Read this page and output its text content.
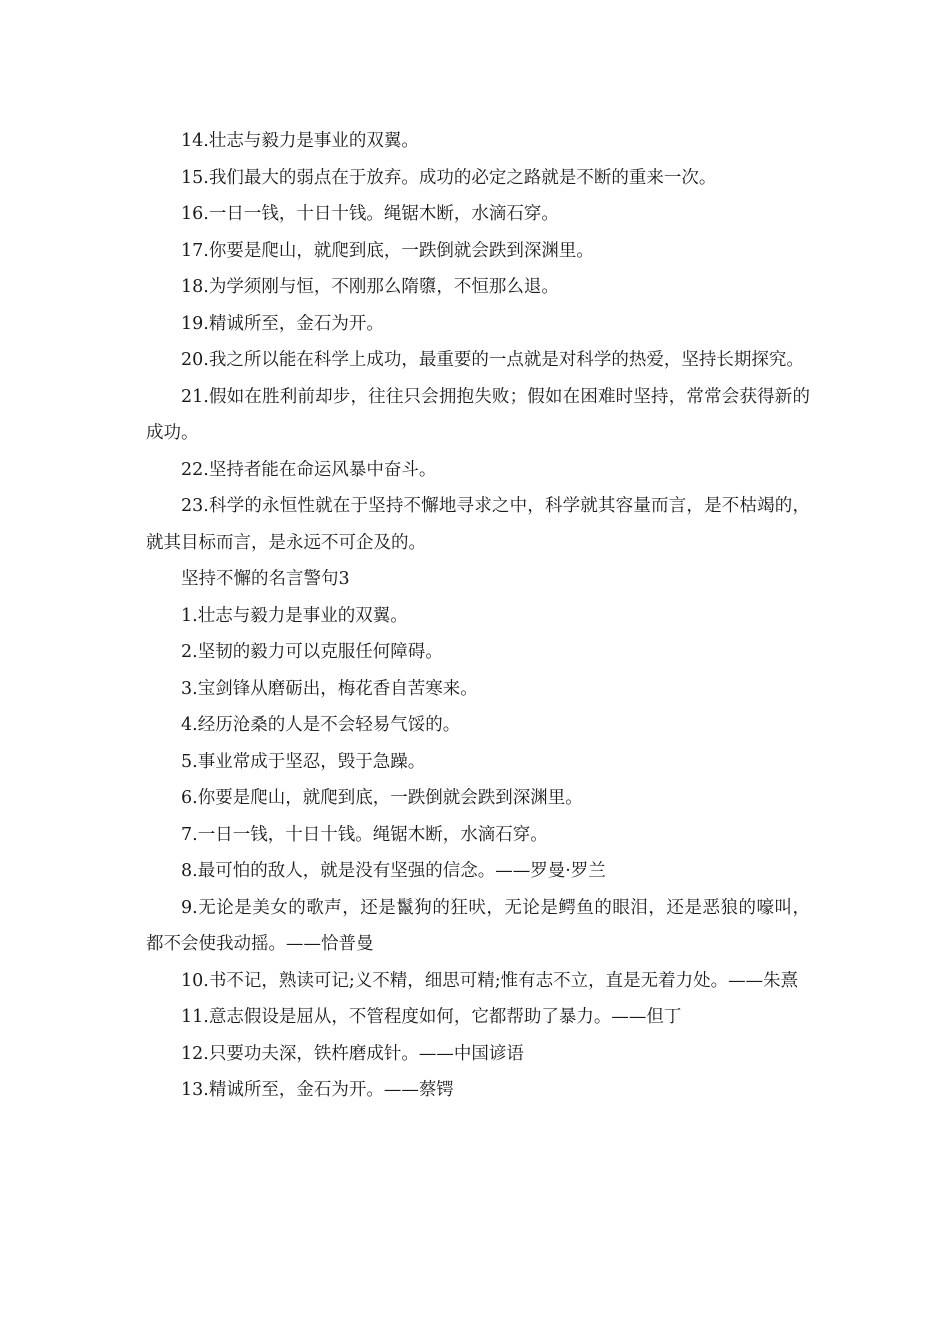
14.壮志与毅力是事业的双翼。

15.我们最大的弱点在于放弃。成功的必定之路就是不断的重来一次。

16.一日一钱，十日十钱。绳锯木断，水滴石穿。

17.你要是爬山，就爬到底，一跌倒就会跌到深渊里。

18.为学须刚与恒，不刚那么隋隳，不恒那么退。

19.精诚所至，金石为开。

20.我之所以能在科学上成功，最重要的一点就是对科学的热爱，坚持长期探究。

21.假如在胜利前却步，往往只会拥抱失败；假如在困难时坚持，常常会获得新的成功。

22.坚持者能在命运风暴中奋斗。

23.科学的永恒性就在于坚持不懈地寻求之中，科学就其容量而言，是不枯竭的，就其目标而言，是永远不可企及的。

坚持不懈的名言警句3

1.壮志与毅力是事业的双翼。

2.坚韧的毅力可以克服任何障碍。

3.宝剑锋从磨砺出，梅花香自苦寒来。

4.经历沧桑的人是不会轻易气馁的。

5.事业常成于坚忍，毁于急躁。

6.你要是爬山，就爬到底，一跌倒就会跌到深渊里。

7.一日一钱，十日十钱。绳锯木断，水滴石穿。

8.最可怕的敌人，就是没有坚强的信念。——罗曼·罗兰

9.无论是美女的歌声，还是鬣狗的狂吠，无论是鳄鱼的眼泪，还是恶狼的嚎叫，都不会使我动摇。——恰普曼

10.书不记，熟读可记;义不精，细思可精;惟有志不立，直是无着力处。——朱熹

11.意志假设是屈从，不管程度如何，它都帮助了暴力。——但丁

12.只要功夫深，铁杵磨成针。——中国谚语

13.精诚所至，金石为开。——蔡锷
